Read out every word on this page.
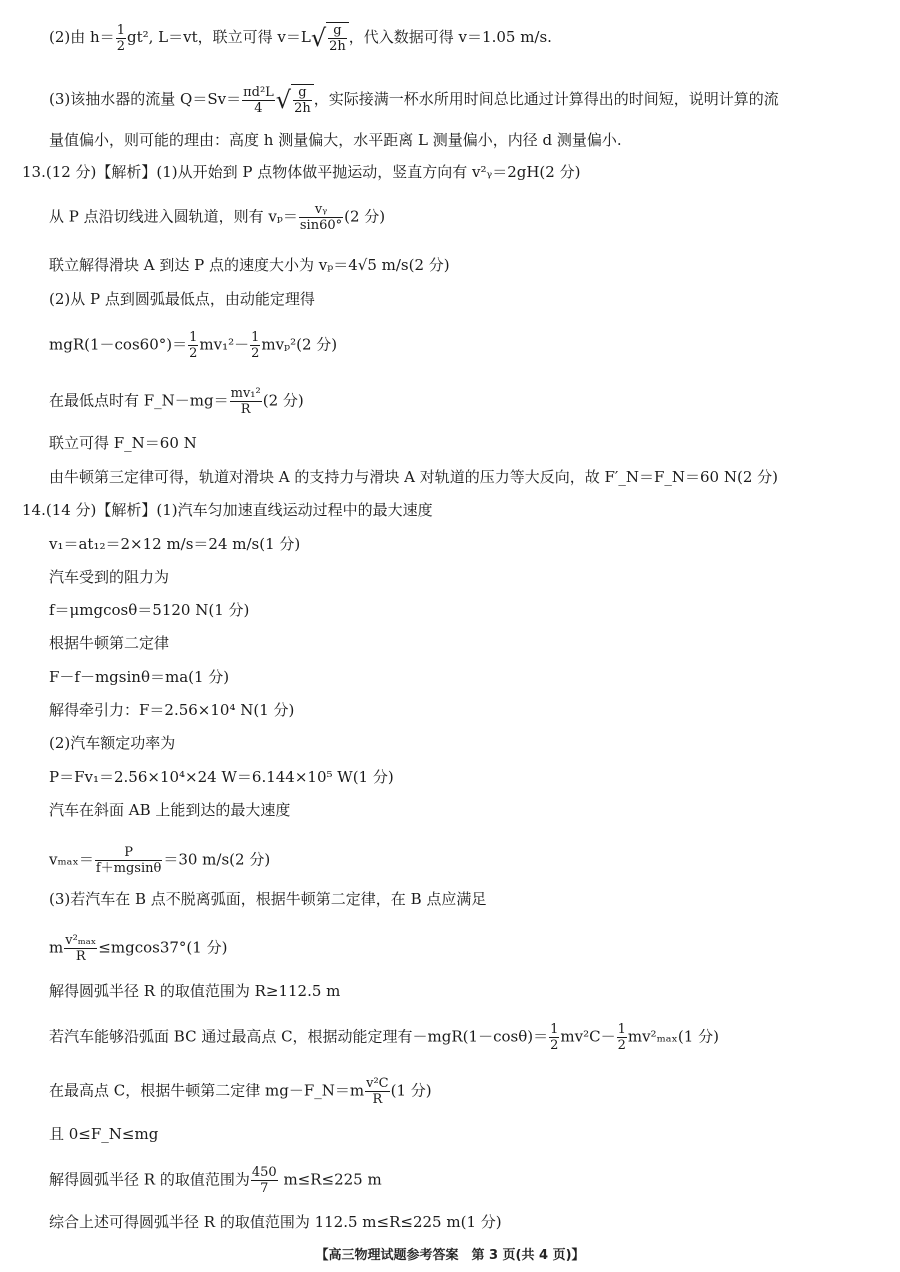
(2)由 $h= \frac{1}{2} gt^2$, L＝vt，联立可得 $v=L√ \frac{g}{2h}$ ，代入数据可得 v＝1.05 m/s.
(3)该抽水器的流量 $Q=Sv= \frac{\text{πd²L}}{4}$ √ $\frac{g}{2h}$ ，实际接满一杯水所用时间总比通过计算得出的时间短，说明计算的流
量值偏小，则可能的理由：高度 h 测量偏大，水平距离 L 测量偏小，内径 d 测量偏小.
13.(12 分)【解析】(1)从开始到 P 点物体做平抛运动，竖直方向有 v²ᵧ＝2gH(2 分)
从 P 点沿切线进入圆轨道，则有 $v_p= \frac{\text{vᵧ}}{\sin 60^\circ} (2$ 分)
联立解得滑块 A 到达 P 点的速度大小为 vₚ＝4√5 m/s(2 分)
(2)从 P 点到圆弧最低点，由动能定理得
$mgR(1-\cos 60^\circ)= \frac{1}{2} mv_1^2- \frac{1}{2} mv_p^2(2$ 分)
在最低点时有 F_N－mg＝ $\frac{\text{mv₁²}}{R} (2$ 分)
联立可得 F_N＝60 N
由牛顿第三定律可得，轨道对滑块 A 的支持力与滑块 A 对轨道的压力等大反向，故 F′_N＝F_N＝60 N(2 分)
14.(14 分)【解析】(1)汽车匀加速直线运动过程中的最大速度
v₁＝at₁₂＝2×12 m/s＝24 m/s(1 分)
汽车受到的阻力为
f＝μmgcosθ＝5120 N(1 分)
根据牛顿第二定律
F－f－mgsinθ＝ma(1 分)
解得牵引力：F＝2.56×10⁴ N(1 分)
(2)汽车额定功率为
P＝Fv₁＝2.56×10⁴×24 W＝6.144×10⁵ W(1 分)
汽车在斜面 AB 上能到达的最大速度
$v_{max}= \frac{P}{f+mgsin\theta} =30$ m/s(2 分)
(3)若汽车在 B 点不脱离弧面，根据牛顿第二定律，在 B 点应满足
m $\frac{\text{v²ₘₐₓ}}{R} \le mgcos37^\circ(1$ 分)
解得圆弧半径 R 的取值范围为 R≥112.5 m
若汽车能够沿弧面 BC 通过最高点 C，根据动能定理有$-mgR(1-\cos\theta)= \frac{1}{2} mv^2C- \frac{1}{2} mv^2_{max}(1$ 分)
在最高点 C，根据牛顿第二定律 mg－F_N＝m $\frac{\text{v²C}}{R} (1$ 分)
且 0≤F_N≤mg
解得圆弧半径 R 的取值范围为 $\frac{450}{7} m\le R\le 225$ m
综合上述可得圆弧半径 R 的取值范围为 112.5 m≤R≤225 m(1 分)
【高三物理试题参考答案　第 3 页(共 4 页)】
